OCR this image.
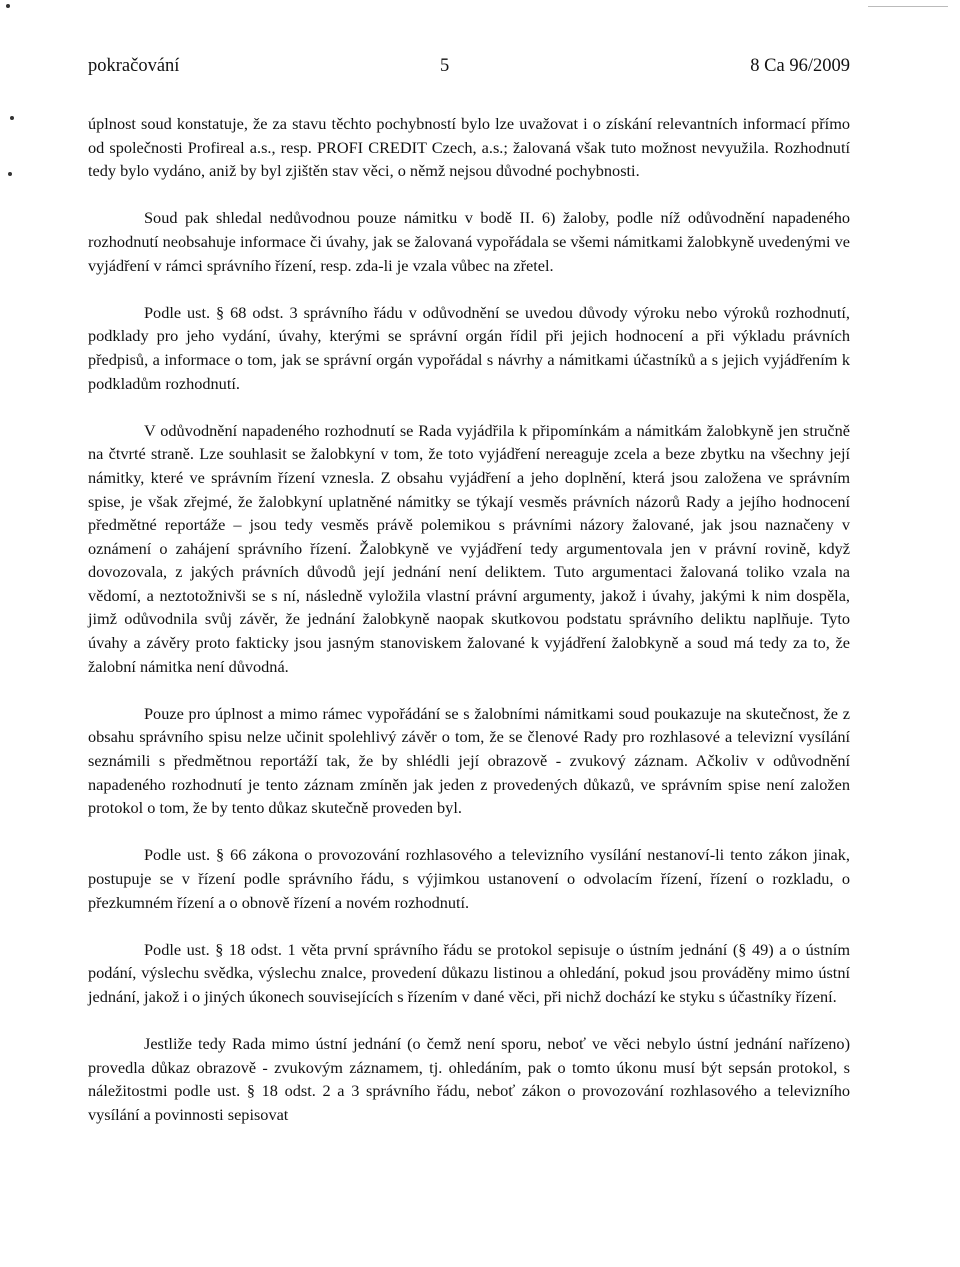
pokračování	5	8 Ca 96/2009

úplnost soud konstatuje, že za stavu těchto pochybností bylo lze uvažovat i o získání relevantních informací přímo od společnosti Profireal a.s., resp. PROFI CREDIT Czech, a.s.; žalovaná však tuto možnost nevyužila. Rozhodnutí tedy bylo vydáno, aniž by byl zjištěn stav věci, o němž nejsou důvodné pochybnosti.

Soud pak shledal nedůvodnou pouze námitku v bodě II. 6) žaloby, podle níž odůvodnění napadeného rozhodnutí neobsahuje informace či úvahy, jak se žalovaná vypořádala se všemi námitkami žalobkyně uvedenými ve vyjádření v rámci správního řízení, resp. zda-li je vzala vůbec na zřetel.

Podle ust. § 68 odst. 3 správního řádu v odůvodnění se uvedou důvody výroku nebo výroků rozhodnutí, podklady pro jeho vydání, úvahy, kterými se správní orgán řídil při jejich hodnocení a při výkladu právních předpisů, a informace o tom, jak se správní orgán vypořádal s návrhy a námitkami účastníků a s jejich vyjádřením k podkladům rozhodnutí.

V odůvodnění napadeného rozhodnutí se Rada vyjádřila k připomínkám a námitkám žalobkyně jen stručně na čtvrté straně. Lze souhlasit se žalobkyní v tom, že toto vyjádření nereaguje zcela a beze zbytku na všechny její námitky, které ve správním řízení vznesla. Z obsahu vyjádření a jeho doplnění, která jsou založena ve správním spise, je však zřejmé, že žalobkyní uplatněné námitky se týkají vesměs právních názorů Rady a jejího hodnocení předmětné reportáže – jsou tedy vesměs právě polemikou s právními názory žalované, jak jsou naznačeny v oznámení o zahájení správního řízení. Žalobkyně ve vyjádření tedy argumentovala jen v právní rovině, když dovozovala, z jakých právních důvodů její jednání není deliktem. Tuto argumentaci žalovaná toliko vzala na vědomí, a neztotožnivši se s ní, následně vyložila vlastní právní argumenty, jakož i úvahy, jakými k nim dospěla, jimž odůvodnila svůj závěr, že jednání žalobkyně naopak skutkovou podstatu správního deliktu naplňuje. Tyto úvahy a závěry proto fakticky jsou jasným stanoviskem žalované k vyjádření žalobkyně a soud má tedy za to, že žalobní námitka není důvodná.

Pouze pro úplnost a mimo rámec vypořádání se s žalobními námitkami soud poukazuje na skutečnost, že z obsahu správního spisu nelze učinit spolehlivý závěr o tom, že se členové Rady pro rozhlasové a televizní vysílání seznámili s předmětnou reportáží tak, že by shlédli její obrazově - zvukový záznam. Ačkoliv v odůvodnění napadeného rozhodnutí je tento záznam zmíněn jak jeden z provedených důkazů, ve správním spise není založen protokol o tom, že by tento důkaz skutečně proveden byl.

Podle ust. § 66 zákona o provozování rozhlasového a televizního vysílání nestanoví-li tento zákon jinak, postupuje se v řízení podle správního řádu, s výjimkou ustanovení o odvolacím řízení, řízení o rozkladu, o přezkumném řízení a o obnově řízení a novém rozhodnutí.

Podle ust. § 18 odst. 1 věta první správního řádu se protokol sepisuje o ústním jednání (§ 49) a o ústním podání, výslechu svědka, výslechu znalce, provedení důkazu listinou a ohledání, pokud jsou prováděny mimo ústní jednání, jakož i o jiných úkonech souvisejících s řízením v dané věci, při nichž dochází ke styku s účastníky řízení.

Jestliže tedy Rada mimo ústní jednání (o čemž není sporu, neboť ve věci nebylo ústní jednání nařízeno) provedla důkaz obrazově - zvukovým záznamem, tj. ohledáním, pak o tomto úkonu musí být sepsán protokol, s náležitostmi podle ust. § 18 odst. 2 a 3 správního řádu, neboť zákon o provozování rozhlasového a televizního vysílání a povinnosti sepisovat
